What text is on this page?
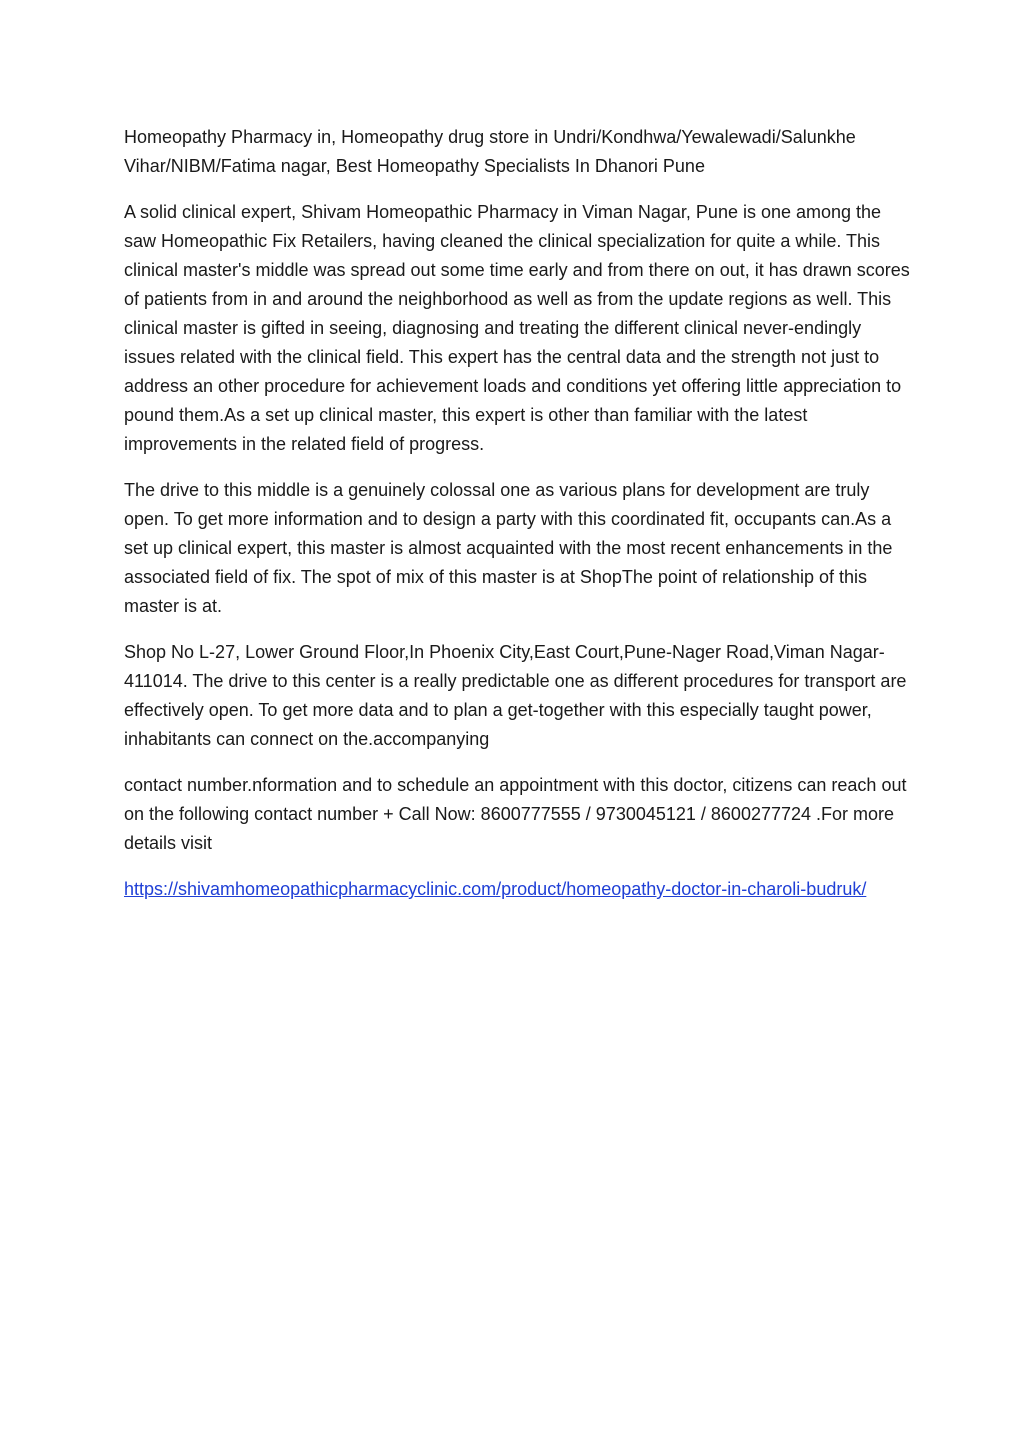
Homeopathy Pharmacy in, Homeopathy drug store in Undri/Kondhwa/Yewalewadi/Salunkhe Vihar/NIBM/Fatima nagar, Best Homeopathy Specialists In Dhanori Pune

A solid clinical expert, Shivam Homeopathic Pharmacy in Viman Nagar, Pune is one among the saw Homeopathic Fix Retailers, having cleaned the clinical specialization for quite a while. This clinical master's middle was spread out some time early and from there on out, it has drawn scores of patients from in and around the neighborhood as well as from the update regions as well. This clinical master is gifted in seeing, diagnosing and treating the different clinical never-endingly issues related with the clinical field. This expert has the central data and the strength not just to address an other procedure for achievement loads and conditions yet offering little appreciation to pound them.As a set up clinical master, this expert is other than familiar with the latest improvements in the related field of progress.

The drive to this middle is a genuinely colossal one as various plans for development are truly open. To get more information and to design a party with this coordinated fit, occupants can.As a set up clinical expert, this master is almost acquainted with the most recent enhancements in the associated field of fix. The spot of mix of this master is at ShopThe point of relationship of this master is at.

Shop No L-27, Lower Ground Floor,In Phoenix City,East Court,Pune-Nager Road,Viman Nagar-411014. The drive to this center is a really predictable one as different procedures for transport are effectively open. To get more data and to plan a get-together with this especially taught power, inhabitants can connect on the.accompanying

contact number.nformation and to schedule an appointment with this doctor, citizens can reach out on the following contact number + Call Now: 8600777555 / 9730045121 / 8600277724 .For more details visit

https://shivamhomeopathicpharmacyclinic.com/product/homeopathy-doctor-in-charoli-budruk/
